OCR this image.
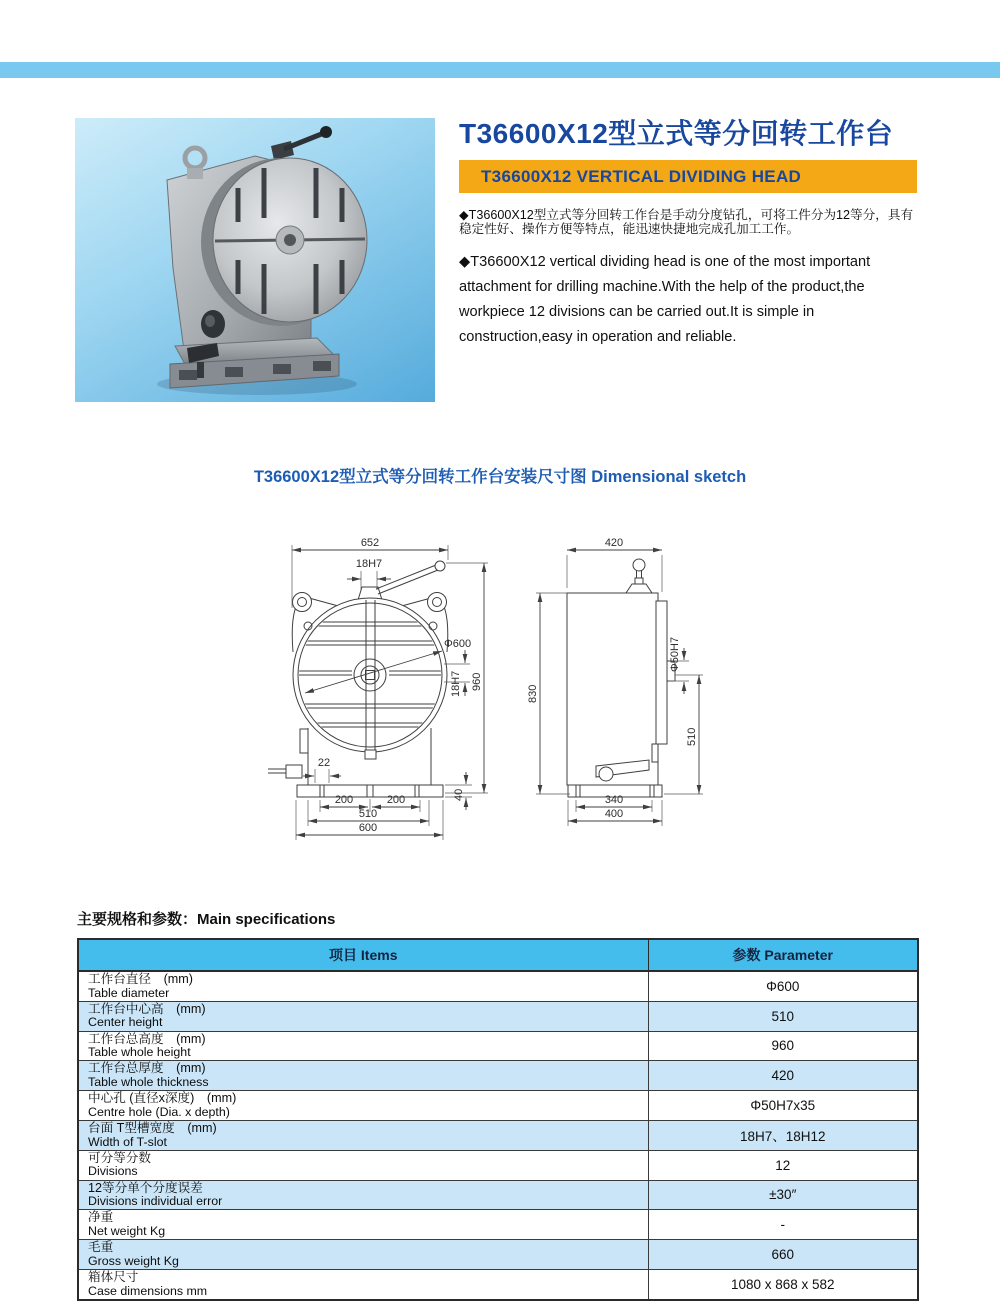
T36600X12型立式等分回转工作台
T36600X12 VERTICAL DIVIDING HEAD
◆T36600X12型立式等分回转工作台是手动分度钻孔，可将工件分为12等分，具有稳定性好、操作方便等特点，能迅速快捷地完成孔加工工作。
◆T36600X12 vertical dividing head is one of the most important attachment for drilling machine.With the help of the product,the workpiece 12 divisions can be carried out.It is simple in construction,easy in operation and reliable.
T36600X12型立式等分回转工作台安装尺寸图 Dimensional sketch
652
18H7
Φ600
18H7 960
40
22
200	200
510
600
420
830
Φ50H7
510
340
400
主要规格和参数：Main specifications
项目 Items	参数 Parameter

工作台直径　(mm)
Table diameter	Φ600

工作台中心高　(mm)
Center height	510

工作台总高度　(mm)
Table whole height	960

工作台总厚度　(mm)
Table whole thickness	420

中心孔 (直径x深度)　(mm)
Centre hole (Dia. x depth)	Φ50H7x35

台面 T型槽宽度　(mm)
Width of T-slot	18H7、18H12

可分等分数
Divisions	12

12等分单个分度误差
Divisions individual error	±30″

净重
Net weight Kg	-

毛重
Gross weight Kg	660

箱体尺寸
Case dimensions mm	1080 x 868 x 582
